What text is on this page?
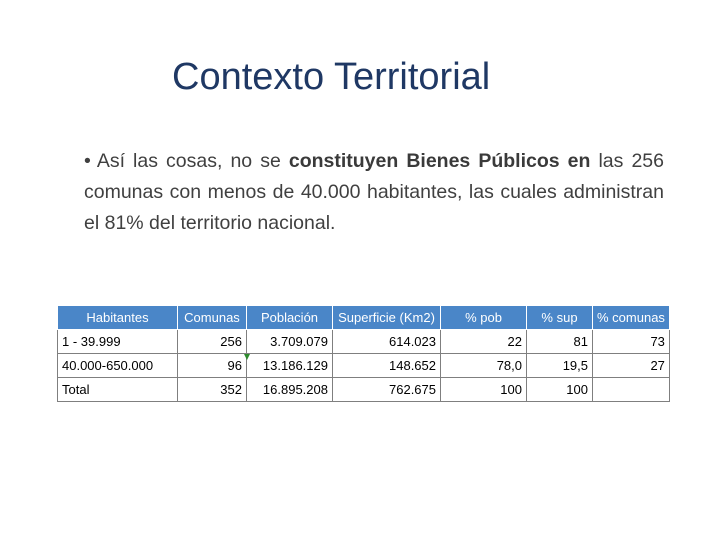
Contexto Territorial
• Así las cosas, no se constituyen Bienes Públicos en las 256 comunas con menos de 40.000 habitantes, las cuales administran el 81% del territorio nacional.
Habitantes	Comunas	Población	Superficie (Km2)	% pob	% sup	% comunas
1 - 39.999	256	3.709.079	614.023	22	81	73
40.000-650.000	96	13.186.129	148.652	78,0	19,5	27
Total	352	16.895.208	762.675	100	100	
